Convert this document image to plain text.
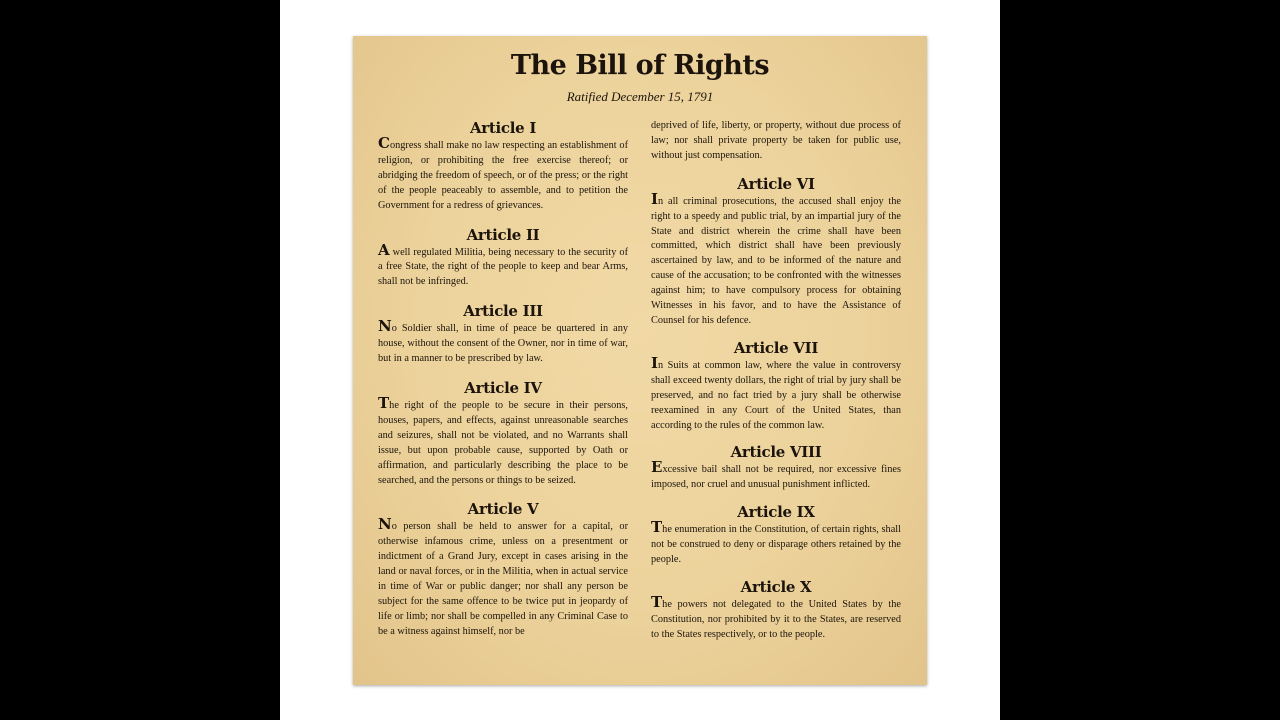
The Bill of Rights
Ratified December 15, 1791
Article I

Congress shall make no law respecting an establishment of religion, or prohibiting the free exercise thereof; or abridging the freedom of speech, or of the press; or the right of the people peaceably to assemble, and to petition the Government for a redress of grievances.

Article II

A well regulated Militia, being necessary to the security of a free State, the right of the people to keep and bear Arms, shall not be infringed.

Article III

No Soldier shall, in time of peace be quartered in any house, without the consent of the Owner, nor in time of war, but in a manner to be prescribed by law.

Article IV

The right of the people to be secure in their persons, houses, papers, and effects, against unreasonable searches and seizures, shall not be violated, and no Warrants shall issue, but upon probable cause, supported by Oath or affirmation, and particularly describing the place to be searched, and the persons or things to be seized.

Article V

No person shall be held to answer for a capital, or otherwise infamous crime, unless on a presentment or indictment of a Grand Jury, except in cases arising in the land or naval forces, or in the Militia, when in actual service in time of War or public danger; nor shall any person be subject for the same offence to be twice put in jeopardy of life or limb; nor shall be compelled in any Criminal Case to be a witness against himself, nor be

deprived of life, liberty, or property, without due process of law; nor shall private property be taken for public use, without just compensation.

Article VI

In all criminal prosecutions, the accused shall enjoy the right to a speedy and public trial, by an impartial jury of the State and district wherein the crime shall have been committed, which district shall have been previously ascertained by law, and to be informed of the nature and cause of the accusation; to be confronted with the witnesses against him; to have compulsory process for obtaining Witnesses in his favor, and to have the Assistance of Counsel for his defence.

Article VII

In Suits at common law, where the value in controversy shall exceed twenty dollars, the right of trial by jury shall be preserved, and no fact tried by a jury shall be otherwise reexamined in any Court of the United States, than according to the rules of the common law.

Article VIII

Excessive bail shall not be required, nor excessive fines imposed, nor cruel and unusual punishment inflicted.

Article IX

The enumeration in the Constitution, of certain rights, shall not be construed to deny or disparage others retained by the people.

Article X

The powers not delegated to the United States by the Constitution, nor prohibited by it to the States, are reserved to the States respectively, or to the people.
